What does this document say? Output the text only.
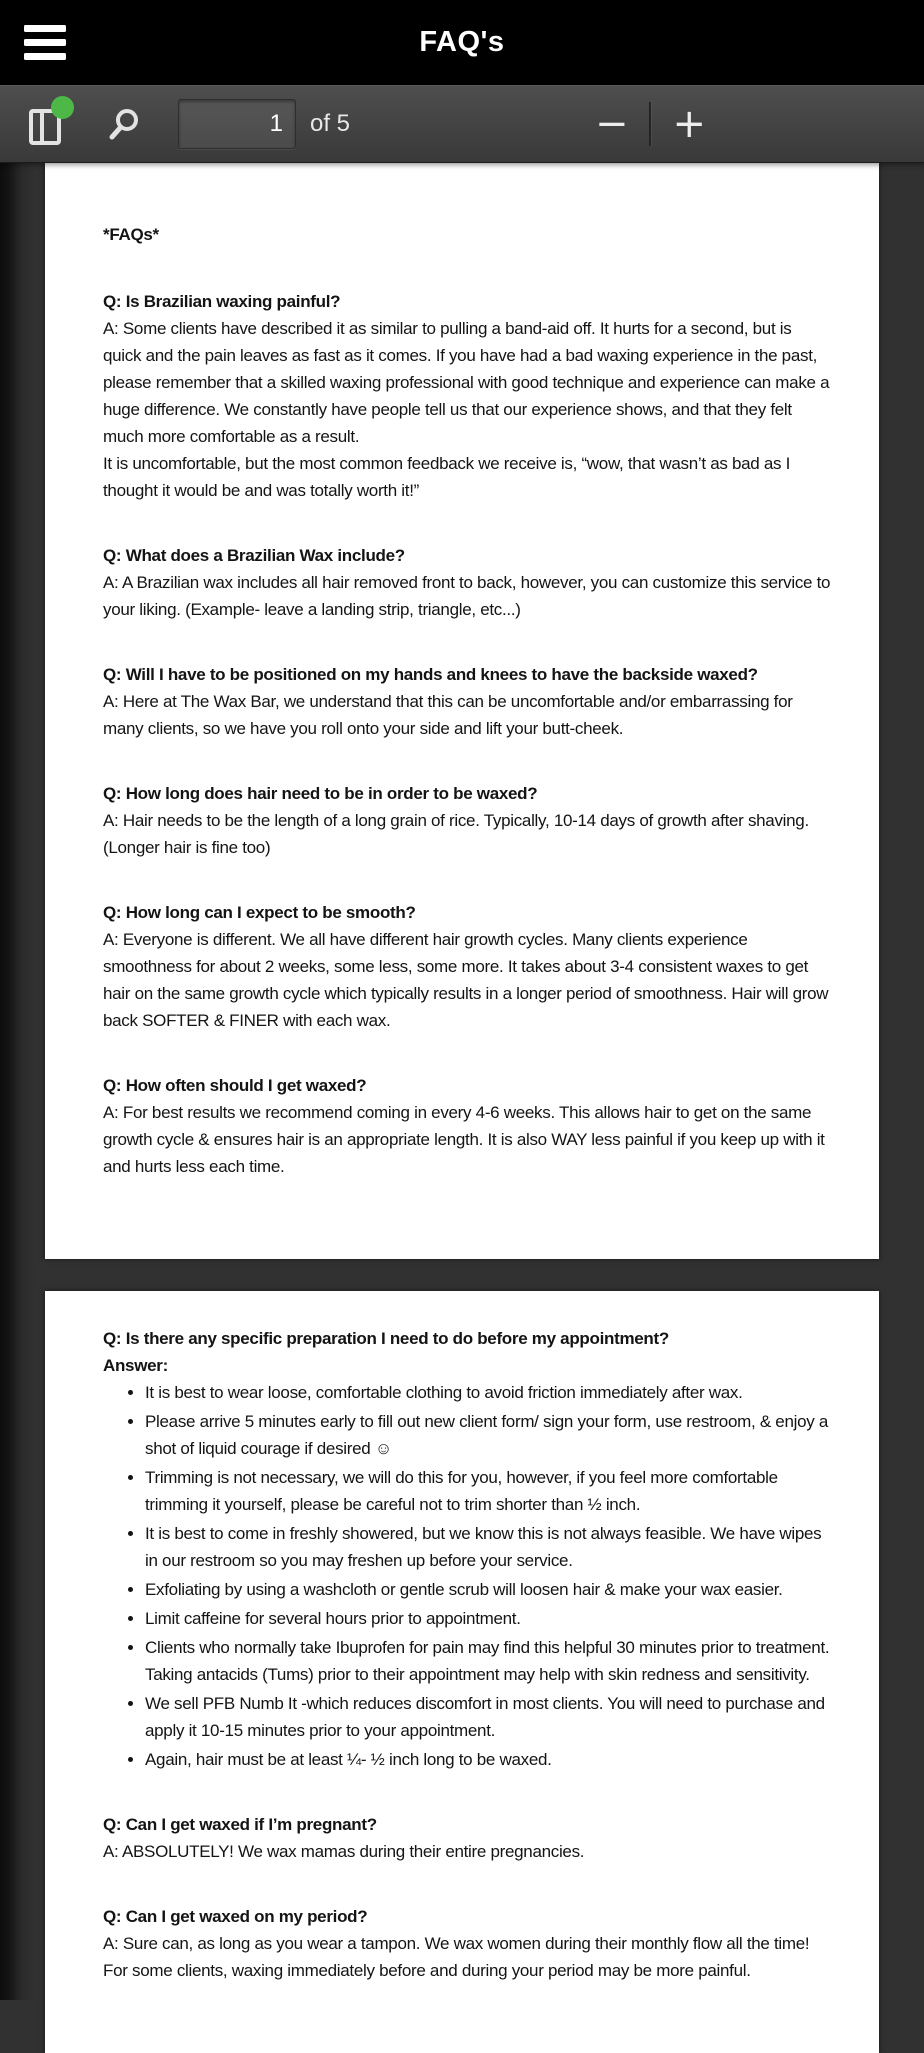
FAQ's
1
of 5	− +

*FAQs*

Q: Is Brazilian waxing painful?

A: Some clients have described it as similar to pulling a band-aid off. It hurts for a second, but is quick and the pain leaves as fast as it comes. If you have had a bad waxing experience in the past, please remember that a skilled waxing professional with good technique and experience can make a huge difference. We constantly have people tell us that our experience shows, and that they felt much more comfortable as a result.

It is uncomfortable, but the most common feedback we receive is, “wow, that wasn’t as bad as I thought it would be and was totally worth it!”

Q: What does a Brazilian Wax include?

A: A Brazilian wax includes all hair removed front to back, however, you can customize this service to your liking. (Example- leave a landing strip, triangle, etc...)

Q: Will I have to be positioned on my hands and knees to have the backside waxed?

A: Here at The Wax Bar, we understand that this can be uncomfortable and/or embarrassing for many clients, so we have you roll onto your side and lift your butt-cheek.

Q: How long does hair need to be in order to be waxed?

A: Hair needs to be the length of a long grain of rice. Typically, 10-14 days of growth after shaving. (Longer hair is fine too)

Q: How long can I expect to be smooth?

A: Everyone is different. We all have different hair growth cycles. Many clients experience smoothness for about 2 weeks, some less, some more. It takes about 3-4 consistent waxes to get hair on the same growth cycle which typically results in a longer period of smoothness. Hair will grow back SOFTER & FINER with each wax.

Q: How often should I get waxed?

A: For best results we recommend coming in every 4-6 weeks. This allows hair to get on the same growth cycle & ensures hair is an appropriate length. It is also WAY less painful if you keep up with it and hurts less each time.

Q: Is there any specific preparation I need to do before my appointment?

Answer:

• It is best to wear loose, comfortable clothing to avoid friction immediately after wax.
• Please arrive 5 minutes early to fill out new client form/ sign your form, use restroom, & enjoy a shot of liquid courage if desired ☺
• Trimming is not necessary, we will do this for you, however, if you feel more comfortable trimming it yourself, please be careful not to trim shorter than ½ inch.
• It is best to come in freshly showered, but we know this is not always feasible. We have wipes in our restroom so you may freshen up before your service.
• Exfoliating by using a washcloth or gentle scrub will loosen hair & make your wax easier.
• Limit caffeine for several hours prior to appointment.
• Clients who normally take Ibuprofen for pain may find this helpful 30 minutes prior to treatment. Taking antacids (Tums) prior to their appointment may help with skin redness and sensitivity.
• We sell PFB Numb It -which reduces discomfort in most clients. You will need to purchase and apply it 10-15 minutes prior to your appointment.
• Again, hair must be at least ¼- ½ inch long to be waxed.
Q: Can I get waxed if I’m pregnant?

A: ABSOLUTELY! We wax mamas during their entire pregnancies.

Q: Can I get waxed on my period?

A: Sure can, as long as you wear a tampon. We wax women during their monthly flow all the time! For some clients, waxing immediately before and during your period may be more painful.
